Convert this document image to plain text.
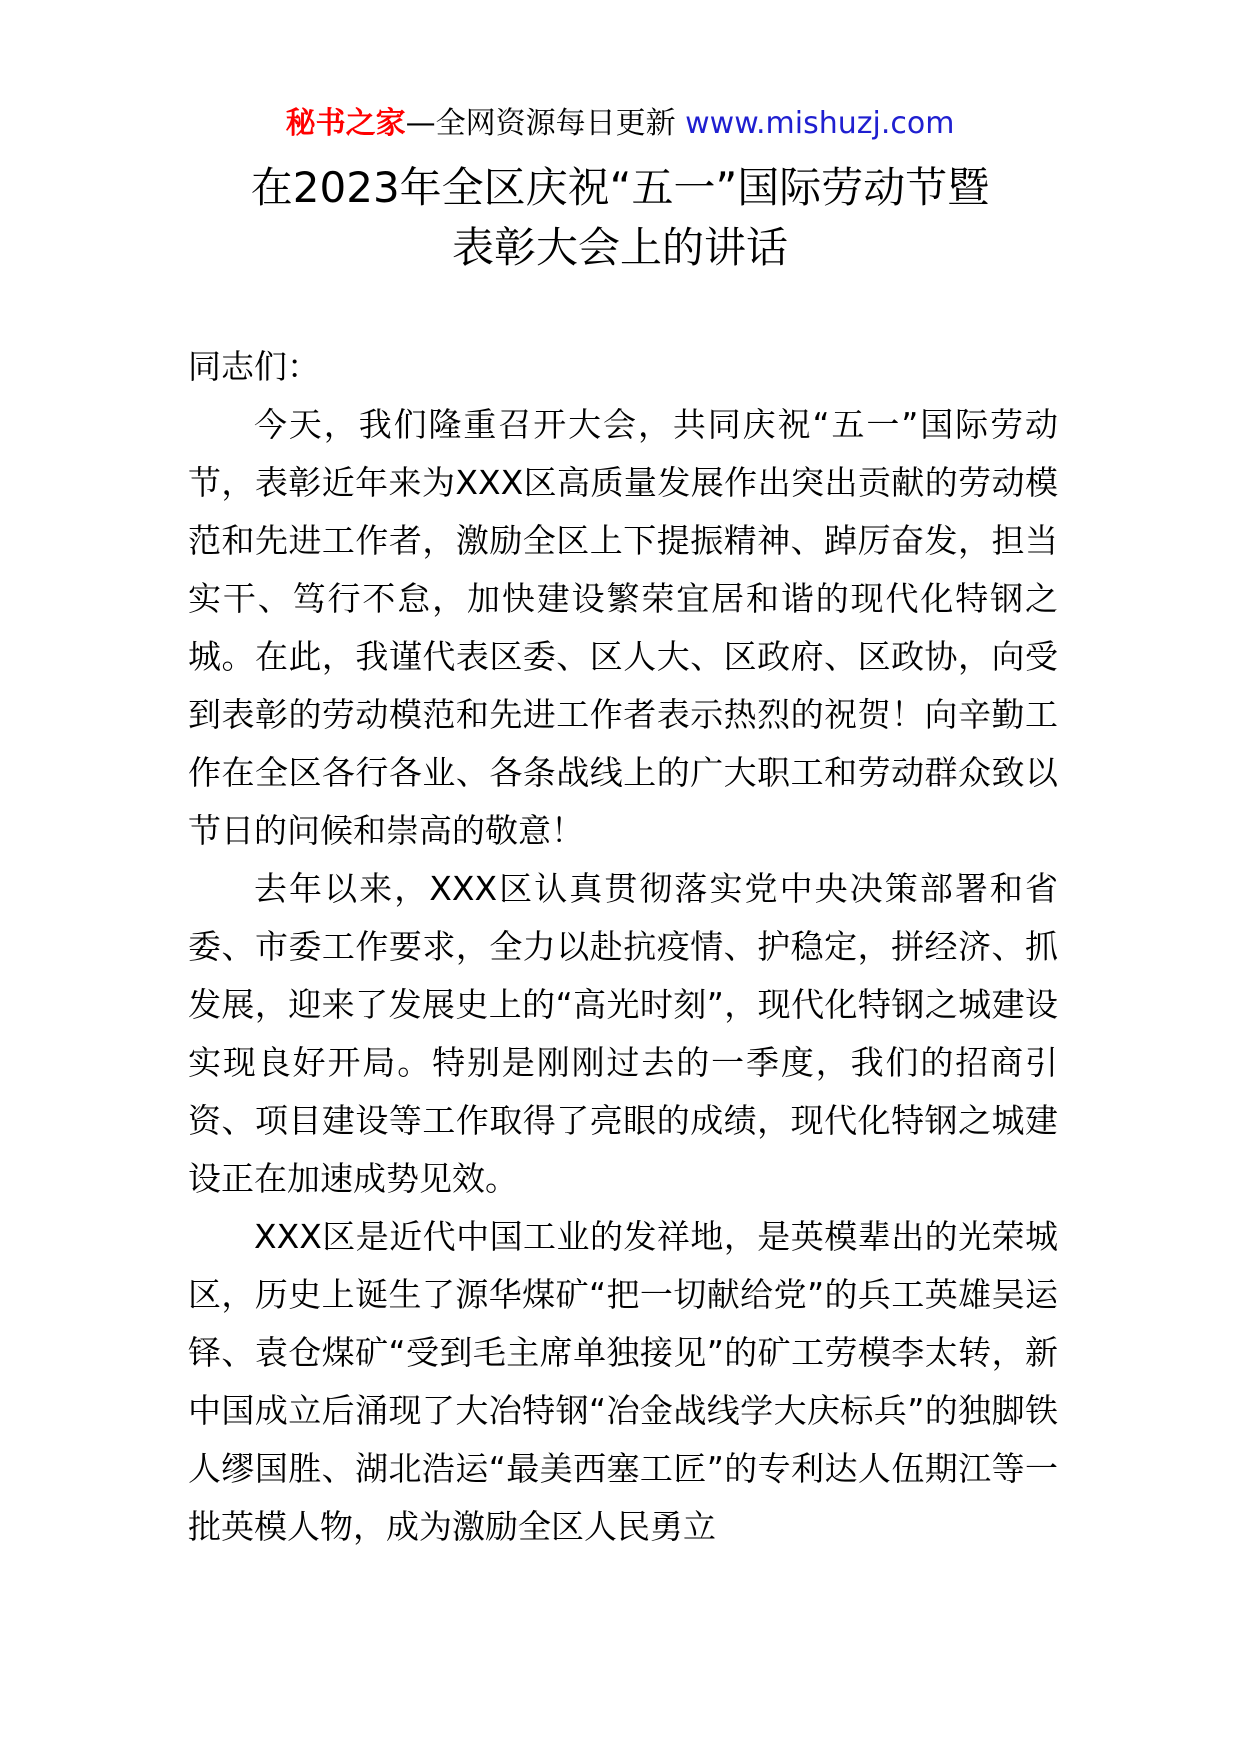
秘书之家—全网资源每日更新 www.mishuzj.com
在2023年全区庆祝“五一”国际劳动节暨
表彰大会上的讲话

同志们：

今天，我们隆重召开大会，共同庆祝“五一”国际劳动节，表彰近年来为XXX区高质量发展作出突出贡献的劳动模范和先进工作者，激励全区上下提振精神、踔厉奋发，担当实干、笃行不怠，加快建设繁荣宜居和谐的现代化特钢之城。在此，我谨代表区委、区人大、区政府、区政协，向受到表彰的劳动模范和先进工作者表示热烈的祝贺！向辛勤工作在全区各行各业、各条战线上的广大职工和劳动群众致以节日的问候和崇高的敬意！

去年以来，XXX区认真贯彻落实党中央决策部署和省委、市委工作要求，全力以赴抗疫情、护稳定，拼经济、抓发展，迎来了发展史上的“高光时刻”，现代化特钢之城建设实现良好开局。特别是刚刚过去的一季度，我们的招商引资、项目建设等工作取得了亮眼的成绩，现代化特钢之城建设正在加速成势见效。

XXX区是近代中国工业的发祥地，是英模辈出的光荣城区，历史上诞生了源华煤矿“把一切献给党”的兵工英雄吴运铎、袁仓煤矿“受到毛主席单独接见”的矿工劳模李太转，新中国成立后涌现了大冶特钢“冶金战线学大庆标兵”的独脚铁人缪国胜、湖北浩运“最美西塞工匠”的专利达人伍期江等一批英模人物，成为激励全区人民勇立
